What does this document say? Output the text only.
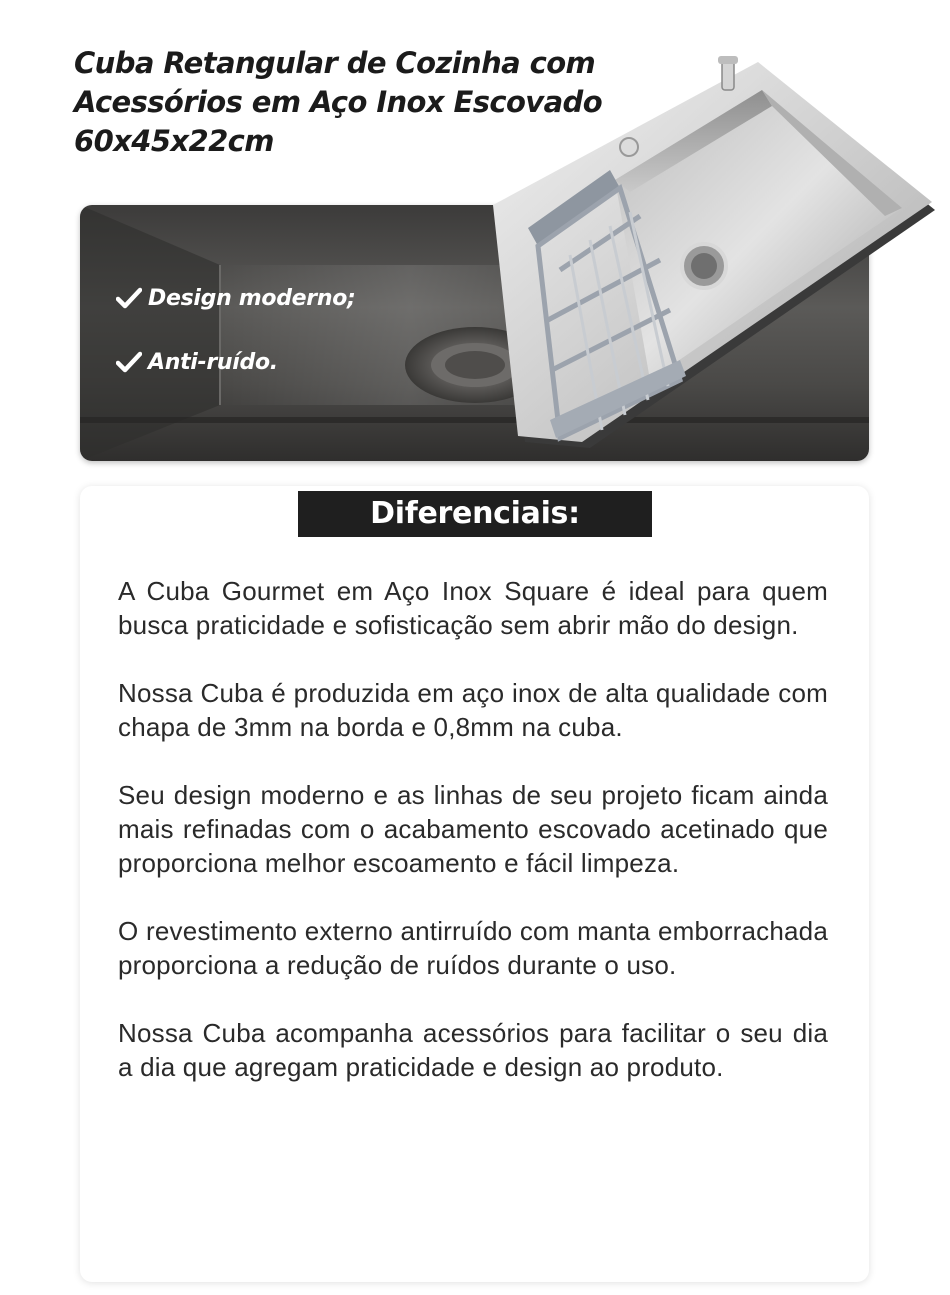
Cuba Retangular de Cozinha com
Acessórios em Aço Inox Escovado
60x45x22cm
Design moderno;
Anti-ruído.
Diferenciais:

A Cuba Gourmet em Aço Inox Square é ideal para quem busca praticidade e sofisticação sem abrir mão do design.

Nossa Cuba é produzida em aço inox de alta qualidade com chapa de 3mm na borda e 0,8mm na cuba.

Seu design moderno e as linhas de seu projeto ficam ainda mais refinadas com o acabamento escovado acetinado que proporciona melhor escoamento e fácil limpeza.

O revestimento externo antirruído com manta emborrachada proporciona a redução de ruídos durante o uso.

Nossa Cuba acompanha acessórios para facilitar o seu dia a dia que agregam praticidade e design ao produto.
